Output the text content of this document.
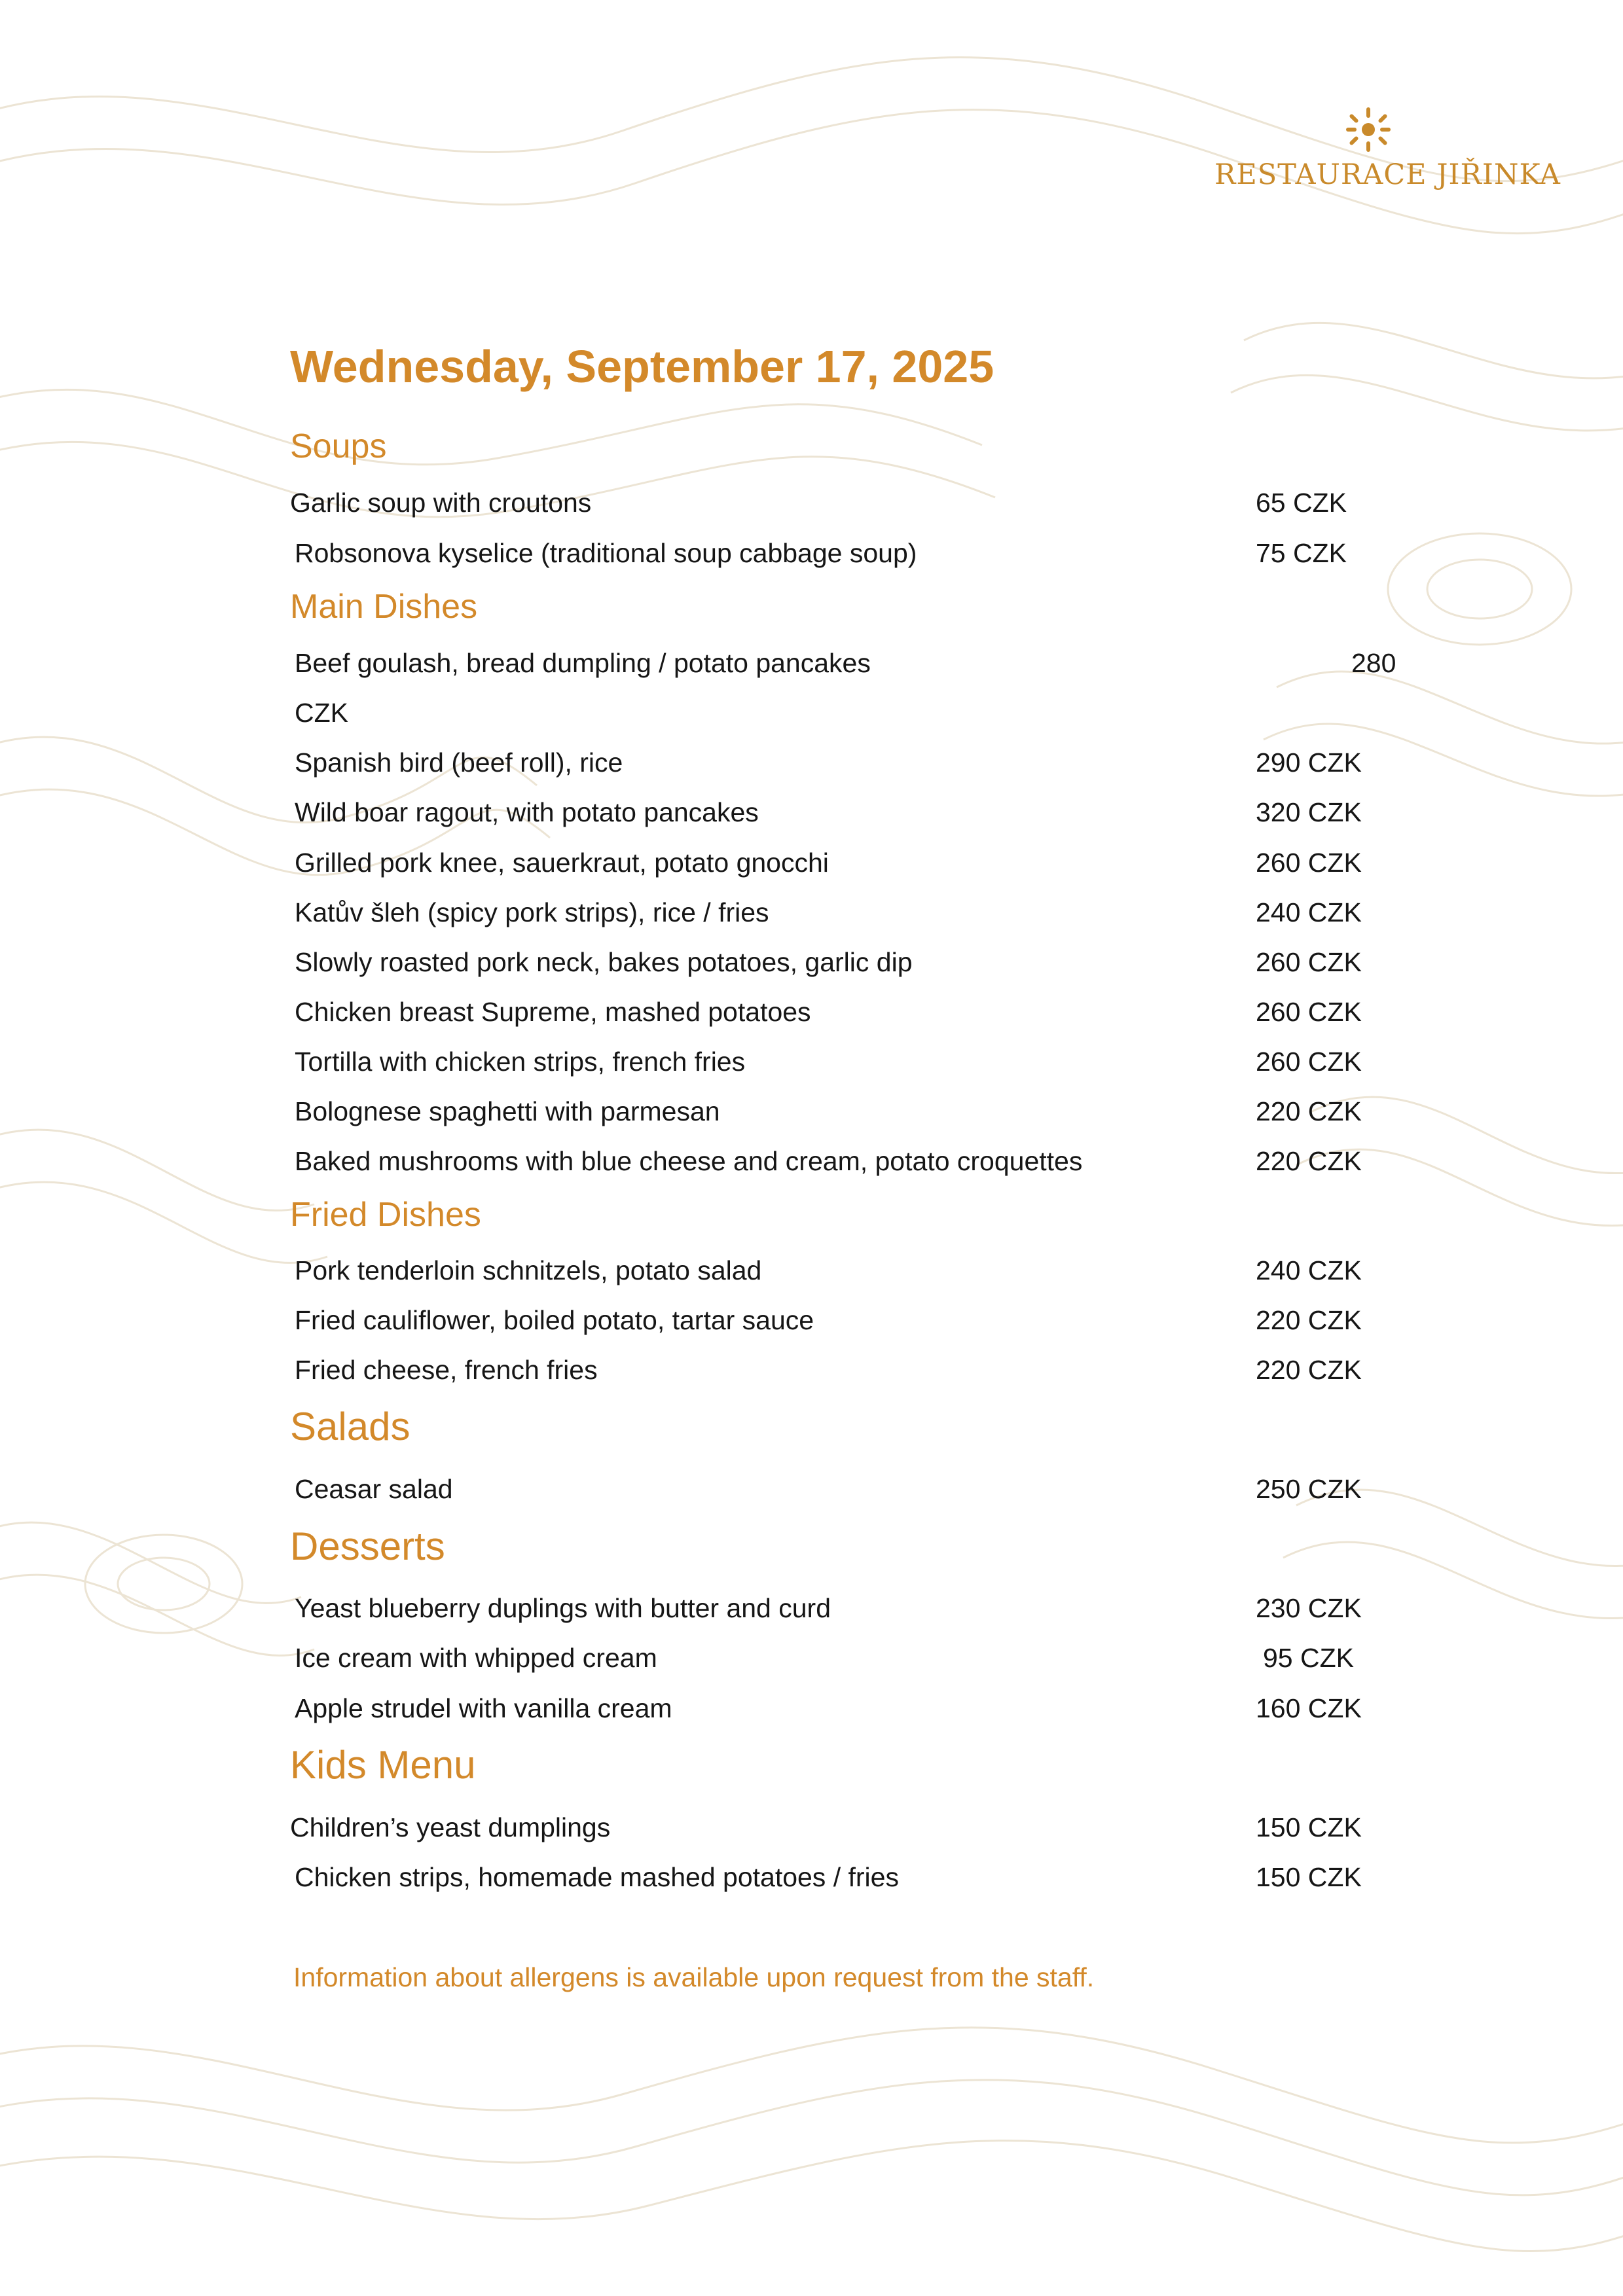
RESTAURACE JIŘINKA
Wednesday, September 17, 2025
Soups
Garlic soup with croutons	65 CZK
Robsonova kyselice (traditional soup cabbage soup)	75 CZK
Main Dishes
Beef goulash, bread dumpling / potato pancakes	280
CZK
Spanish bird (beef roll), rice	290 CZK
Wild boar ragout, with potato pancakes	320 CZK
Grilled pork knee, sauerkraut, potato gnocchi	260 CZK
Katův šleh (spicy pork strips), rice / fries	240 CZK
Slowly roasted pork neck, bakes potatoes, garlic dip	260 CZK
Chicken breast Supreme, mashed potatoes	260 CZK
Tortilla with chicken strips, french fries	260 CZK
Bolognese spaghetti with parmesan	220 CZK
Baked mushrooms with blue cheese and cream, potato croquettes	220 CZK
Fried Dishes
Pork tenderloin schnitzels, potato salad	240 CZK
Fried cauliflower, boiled potato, tartar sauce	220 CZK
Fried cheese, french fries	220 CZK
Salads
Ceasar salad	250 CZK
Desserts
Yeast blueberry duplings with butter and curd	230 CZK
Ice cream with whipped cream	95 CZK
Apple strudel with vanilla cream	160 CZK
Kids Menu
Children’s yeast dumplings	150 CZK
Chicken strips, homemade mashed potatoes / fries	150 CZK
Information about allergens is available upon request from the staff.
